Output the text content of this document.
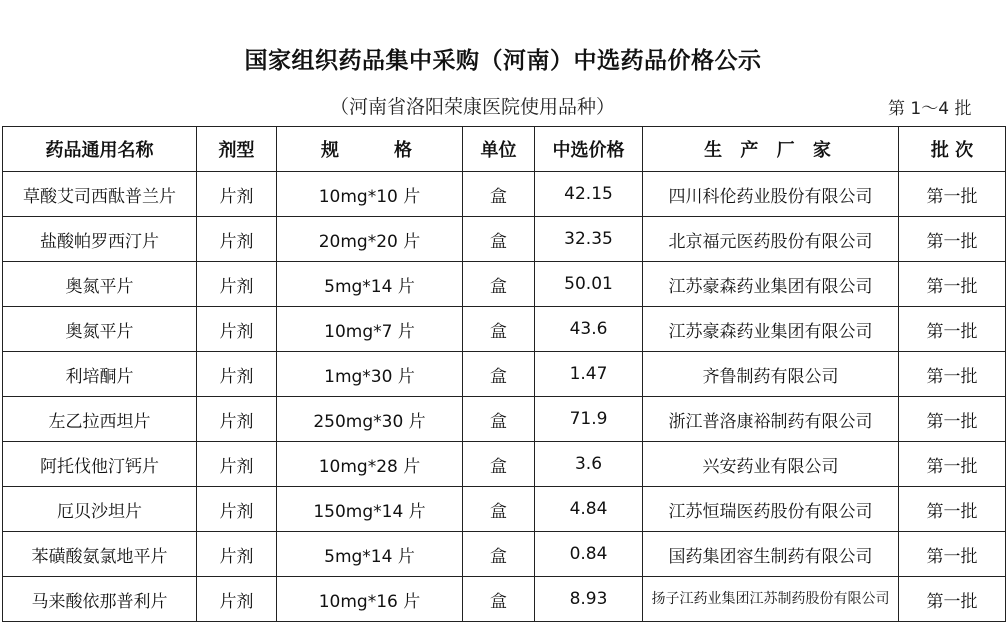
国家组织药品集中采购（河南）中选药品价格公示
（河南省洛阳荣康医院使用品种）	第 1～4 批
药品通用名称	剂型	规    格	单位	中选价格	生 产 厂 家	批 次
草酸艾司西酞普兰片	片剂	10mg*10 片	盒	42.15	四川科伦药业股份有限公司	第一批
盐酸帕罗西汀片	片剂	20mg*20 片	盒	32.35	北京福元医药股份有限公司	第一批
奥氮平片	片剂	5mg*14 片	盒	50.01	江苏豪森药业集团有限公司	第一批
奥氮平片	片剂	10mg*7 片	盒	43.6	江苏豪森药业集团有限公司	第一批
利培酮片	片剂	1mg*30 片	盒	1.47	齐鲁制药有限公司	第一批
左乙拉西坦片	片剂	250mg*30 片	盒	71.9	浙江普洛康裕制药有限公司	第一批
阿托伐他汀钙片	片剂	10mg*28 片	盒	3.6	兴安药业有限公司	第一批
厄贝沙坦片	片剂	150mg*14 片	盒	4.84	江苏恒瑞医药股份有限公司	第一批
苯磺酸氨氯地平片	片剂	5mg*14 片	盒	0.84	国药集团容生制药有限公司	第一批
马来酸依那普利片	片剂	10mg*16 片	盒	8.93	扬子江药业集团江苏制药股份有限公司	第一批
